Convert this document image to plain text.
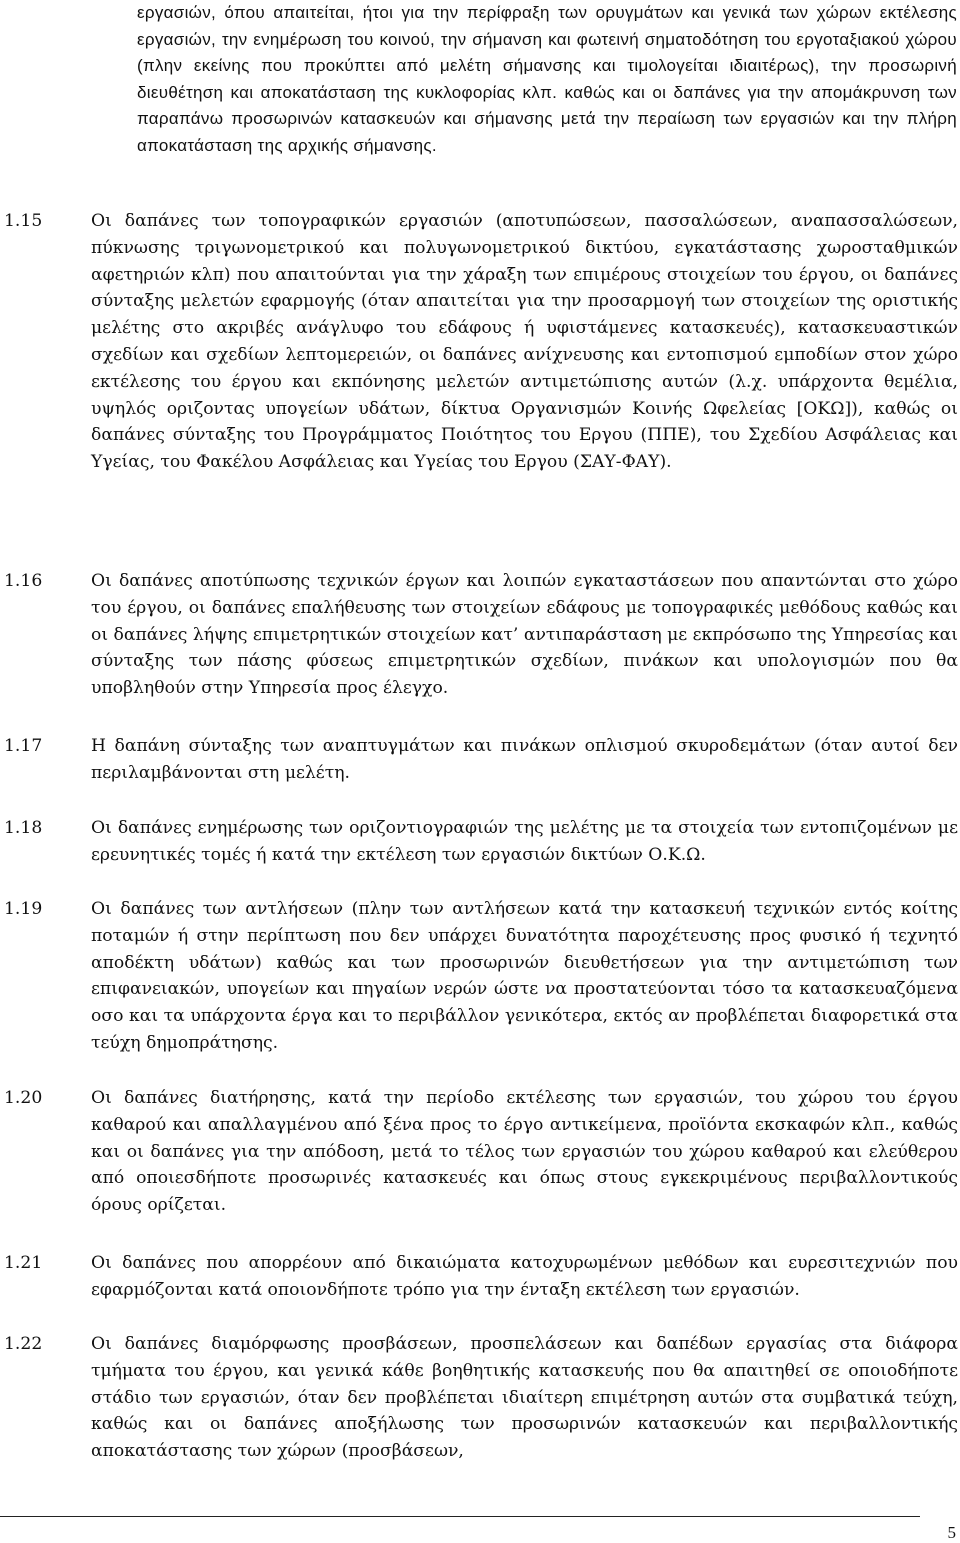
εργασιών, όπου απαιτείται, ήτοι για την περίφραξη των ορυγμάτων και γενικά των χώρων εκτέλεσης εργασιών, την ενημέρωση του κοινού, την σήμανση και φωτεινή σηματοδότηση του εργοταξιακού χώρου (πλην εκείνης που προκύπτει από μελέτη σήμανσης και τιμολογείται ιδιαιτέρως), την προσωρινή διευθέτηση και αποκατάσταση της κυκλοφορίας κλπ. καθώς και οι δαπάνες για την απομάκρυνση των παραπάνω προσωρινών κατασκευών και σήμανσης μετά την περαίωση των εργασιών και την πλήρη αποκατάσταση της αρχικής σήμανσης.
1.15	Οι δαπάνες των τοπογραφικών εργασιών (αποτυπώσεων, πασσαλώσεων, αναπασσαλώσεων, πύκνωσης τριγωνομετρικού και πολυγωνομετρικού δικτύου, εγκατάστασης χωροσταθμικών αφετηριών κλπ) που απαιτούνται για την χάραξη των επιμέρους στοιχείων του έργου, οι δαπάνες σύνταξης μελετών εφαρμογής (όταν απαιτείται για την προσαρμογή των στοιχείων της οριστικής μελέτης στο ακριβές ανάγλυφο του εδάφους ή υφιστάμενες κατασκευές), κατασκευαστικών σχεδίων και σχεδίων λεπτομερειών, οι δαπάνες ανίχνευσης και εντοπισμού εμποδίων στον χώρο εκτέλεσης του έργου και εκπόνησης μελετών αντιμετώπισης αυτών (λ.χ. υπάρχοντα θεμέλια, υψηλός οριζοντας υπογείων υδάτων, δίκτυα Οργανισμών Κοινής Ωφελείας [ΟΚΩ]), καθώς οι δαπάνες σύνταξης του Προγράμματος Ποιότητος του Εργου (ΠΠΕ), του Σχεδίου Ασφάλειας και Υγείας, του Φακέλου Ασφάλειας και Υγείας του Εργου (ΣΑΥ-ΦΑΥ).
1.16	Οι δαπάνες αποτύπωσης τεχνικών έργων και λοιπών εγκαταστάσεων που απαντώνται στο χώρο του έργου, οι δαπάνες επαλήθευσης των στοιχείων εδάφους με τοπογραφικές μεθόδους καθώς και οι δαπάνες λήψης επιμετρητικών στοιχείων κατ’ αντιπαράσταση με εκπρόσωπο της Υπηρεσίας και σύνταξης των πάσης φύσεως επιμετρητικών σχεδίων, πινάκων και υπολογισμών που θα υποβληθούν στην Υπηρεσία προς έλεγχο.
1.17	Η δαπάνη σύνταξης των αναπτυγμάτων και πινάκων οπλισμού σκυροδεμάτων (όταν αυτοί δεν περιλαμβάνονται στη μελέτη.
1.18	Οι δαπάνες ενημέρωσης των οριζοντιογραφιών της μελέτης με τα στοιχεία των εντοπιζομένων με ερευνητικές τομές ή κατά την εκτέλεση των εργασιών δικτύων Ο.Κ.Ω.
1.19	Οι δαπάνες των αντλήσεων (πλην των αντλήσεων κατά την κατασκευή τεχνικών εντός κοίτης ποταμών ή στην περίπτωση που δεν υπάρχει δυνατότητα παροχέτευσης προς φυσικό ή τεχνητό αποδέκτη υδάτων) καθώς και των προσωρινών διευθετήσεων για την αντιμετώπιση των επιφανειακών, υπογείων και πηγαίων νερών ώστε να προστατεύονται τόσο τα κατασκευαζόμενα οσο και τα υπάρχοντα έργα και το περιβάλλον γενικότερα, εκτός αν προβλέπεται διαφορετικά στα τεύχη δημοπράτησης.
1.20	Οι δαπάνες διατήρησης, κατά την περίοδο εκτέλεσης των εργασιών, του χώρου του έργου καθαρού και απαλλαγμένου από ξένα προς το έργο αντικείμενα, προϊόντα εκσκαφών κλπ., καθώς και οι δαπάνες για την απόδοση, μετά το τέλος των εργασιών του χώρου καθαρού και ελεύθερου από οποιεσδήποτε προσωρινές κατασκευές και όπως στους εγκεκριμένους περιβαλλοντικούς όρους ορίζεται.
1.21	Οι δαπάνες που απορρέουν από δικαιώματα κατοχυρωμένων μεθόδων και ευρεσιτεχνιών που εφαρμόζονται κατά οποιονδήποτε τρόπο για την ένταξη εκτέλεση των εργασιών.
1.22	Οι δαπάνες διαμόρφωσης προσβάσεων, προσπελάσεων και δαπέδων εργασίας στα διάφορα τμήματα του έργου, και γενικά κάθε βοηθητικής κατασκευής που θα απαιτηθεί σε οποιοδήποτε στάδιο των εργασιών, όταν δεν προβλέπεται ιδιαίτερη επιμέτρηση αυτών στα συμβατικά τεύχη, καθώς και οι δαπάνες αποξήλωσης των προσωρινών κατασκευών και περιβαλλοντικής αποκατάστασης των χώρων (προσβάσεων,
5
